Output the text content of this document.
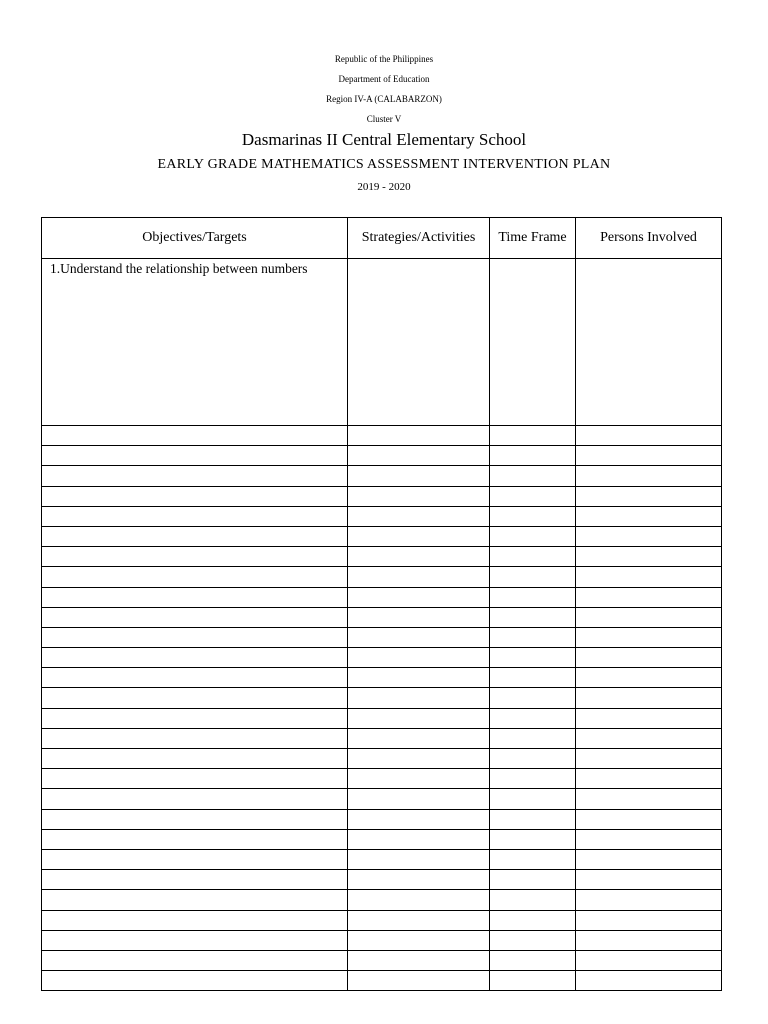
Republic of the Philippines
Department of Education
Region IV-A (CALABARZON)
Cluster V
Dasmarinas II Central Elementary School
EARLY GRADE MATHEMATICS ASSESSMENT INTERVENTION PLAN
2019 - 2020
Objectives/Targets	Strategies/Activities	Time Frame	Persons Involved

1.Understand the relationship between numbers			
